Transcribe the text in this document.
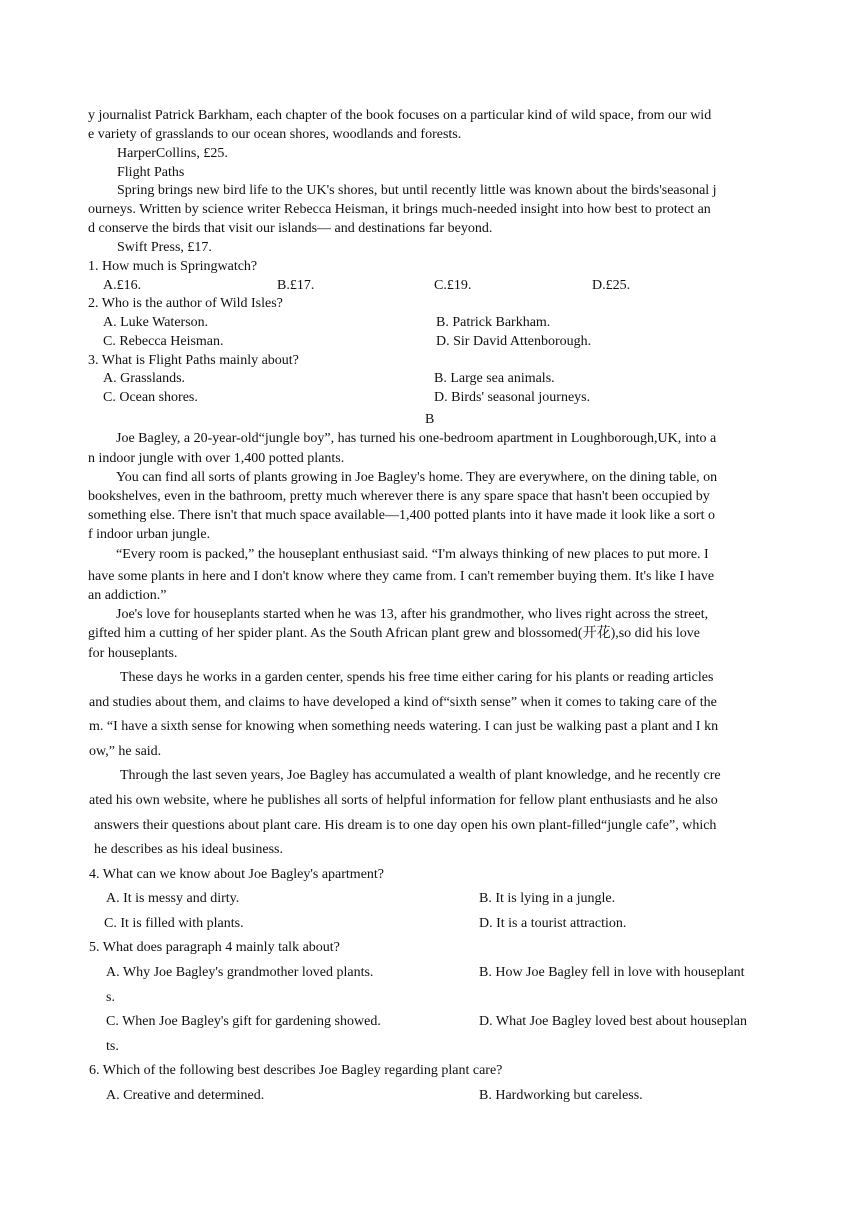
y journalist Patrick Barkham, each chapter of the book focuses on a particular kind of wild space, from our wid
e variety of grasslands to our ocean shores, woodlands and forests.
HarperCollins, £25.
Flight Paths
Spring brings new bird life to the UK's shores, but until recently little was known about the birds'seasonal j
ourneys. Written by science writer Rebecca Heisman, it brings much-needed insight into how best to protect an
d conserve the birds that visit our islands— and destinations far beyond.
Swift Press, £17.
1. How much is Springwatch?
A.£16.	B.£17.	C.£19.	D.£25.
2. Who is the author of Wild Isles?
A. Luke Waterson.	B. Patrick Barkham.
C. Rebecca Heisman.	D. Sir David Attenborough.
3. What is Flight Paths mainly about?
A. Grasslands.	B. Large sea animals.
C. Ocean shores.	D. Birds' seasonal journeys.
B
Joe Bagley, a 20-year-old“jungle boy”, has turned his one-bedroom apartment in Loughborough,UK, into a
n indoor jungle with over 1,400 potted plants.
You can find all sorts of plants growing in Joe Bagley's home. They are everywhere, on the dining table, on
bookshelves, even in the bathroom, pretty much wherever there is any spare space that hasn't been occupied by
something else. There isn't that much space available—1,400 potted plants into it have made it look like a sort o
f indoor urban jungle.
“Every room is packed,” the houseplant enthusiast said. “I'm always thinking of new places to put more. I
have some plants in here and I don't know where they came from. I can't remember buying them. It's like I have
an addiction.”
Joe's love for houseplants started when he was 13, after his grandmother, who lives right across the street,
gifted him a cutting of her spider plant. As the South African plant grew and blossomed(开花),so did his love
for houseplants.
These days he works in a garden center, spends his free time either caring for his plants or reading articles
and studies about them, and claims to have developed a kind of“sixth sense” when it comes to taking care of the
m. “I have a sixth sense for knowing when something needs watering. I can just be walking past a plant and I kn
ow,” he said.
Through the last seven years, Joe Bagley has accumulated a wealth of plant knowledge, and he recently cre
ated his own website, where he publishes all sorts of helpful information for fellow plant enthusiasts and he also
answers their questions about plant care. His dream is to one day open his own plant-filled“jungle cafe”, which
he describes as his ideal business.
4. What can we know about Joe Bagley's apartment?
A. It is messy and dirty.	B. It is lying in a jungle.
C. It is filled with plants.	D. It is a tourist attraction.
5. What does paragraph 4 mainly talk about?
A. Why Joe Bagley's grandmother loved plants.	B. How Joe Bagley fell in love with houseplant
s.
C. When Joe Bagley's gift for gardening showed.	D. What Joe Bagley loved best about houseplan
ts.
6. Which of the following best describes Joe Bagley regarding plant care?
A. Creative and determined.	B. Hardworking but careless.
